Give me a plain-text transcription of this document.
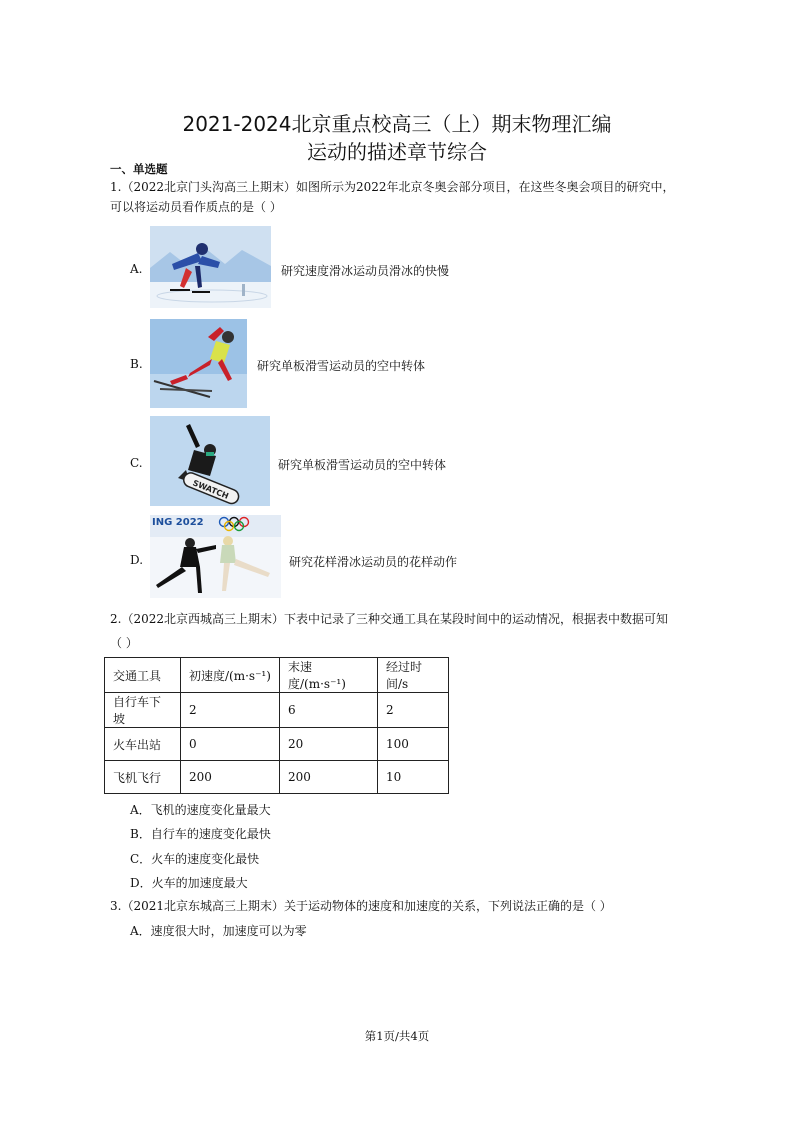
2021-2024北京重点校高三（上）期末物理汇编
运动的描述章节综合
一、单选题
1.（2022北京门头沟高三上期末）如图所示为2022年北京冬奥会部分项目，在这些冬奥会项目的研究中，
可以将运动员看作质点的是（ ）
A.	研究速度滑冰运动员滑冰的快慢
B.	研究单板滑雪运动员的空中转体
C.
SWATCH
研究单板滑雪运动员的空中转体
D.
ING 2022
研究花样滑冰运动员的花样动作
2.（2022北京西城高三上期末）下表中记录了三种交通工具在某段时间中的运动情况，根据表中数据可知
（ ）
交通工具	初速度/(m·s⁻¹)	末速度/(m·s⁻¹)	经过时间/s
自行车下坡	2	6	2
火车出站	0	20	100
飞机飞行	200	200	10
A．飞机的速度变化量最大
B．自行车的速度变化最快
C．火车的速度变化最快
D．火车的加速度最大
3.（2021北京东城高三上期末）关于运动物体的速度和加速度的关系，下列说法正确的是（ ）
A．速度很大时，加速度可以为零
第1页/共4页
